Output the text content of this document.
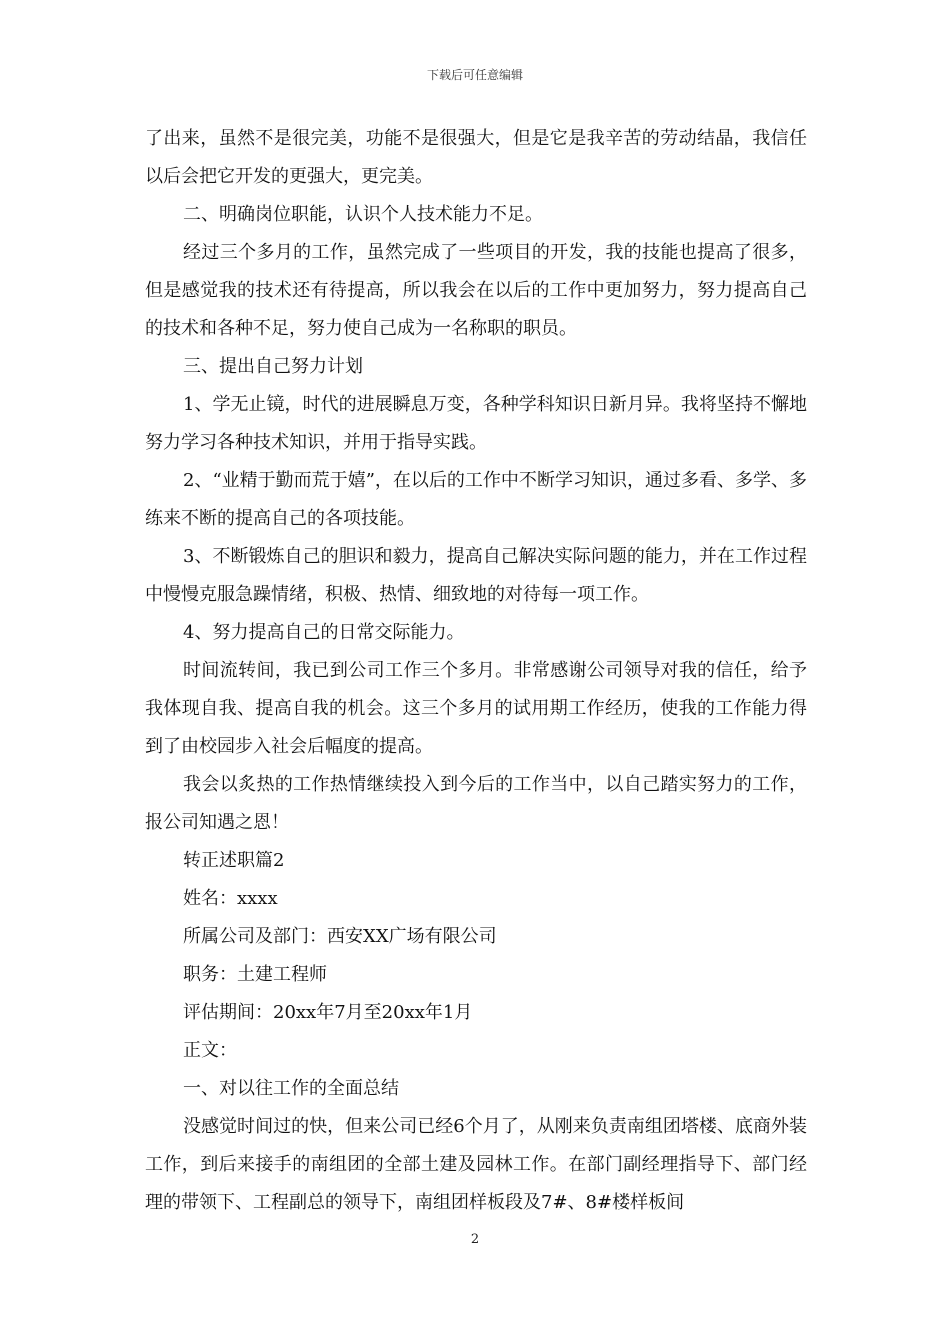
下载后可任意编辑

了出来，虽然不是很完美，功能不是很强大，但是它是我辛苦的劳动结晶，我信任以后会把它开发的更强大，更完美。

二、明确岗位职能，认识个人技术能力不足。

经过三个多月的工作，虽然完成了一些项目的开发，我的技能也提高了很多，但是感觉我的技术还有待提高，所以我会在以后的工作中更加努力，努力提高自己的技术和各种不足，努力使自己成为一名称职的职员。

三、提出自己努力计划

1、学无止镜，时代的进展瞬息万变，各种学科知识日新月异。我将坚持不懈地努力学习各种技术知识，并用于指导实践。

2、“业精于勤而荒于嬉”，在以后的工作中不断学习知识，通过多看、多学、多练来不断的提高自己的各项技能。

3、不断锻炼自己的胆识和毅力，提高自己解决实际问题的能力，并在工作过程中慢慢克服急躁情绪，积极、热情、细致地的对待每一项工作。

4、努力提高自己的日常交际能力。

时间流转间，我已到公司工作三个多月。非常感谢公司领导对我的信任，给予我体现自我、提高自我的机会。这三个多月的试用期工作经历，使我的工作能力得到了由校园步入社会后幅度的提高。

我会以炙热的工作热情继续投入到今后的工作当中，以自己踏实努力的工作，报公司知遇之恩！

转正述职篇2

姓名：xxxx

所属公司及部门：西安XX广场有限公司

职务：土建工程师

评估期间：20xx年7月至20xx年1月

正文：

一、对以往工作的全面总结

没感觉时间过的快，但来公司已经6个月了，从刚来负责南组团塔楼、底商外装工作，到后来接手的南组团的全部土建及园林工作。在部门副经理指导下、部门经理的带领下、工程副总的领导下，南组团样板段及7#、8#楼样板间

2
